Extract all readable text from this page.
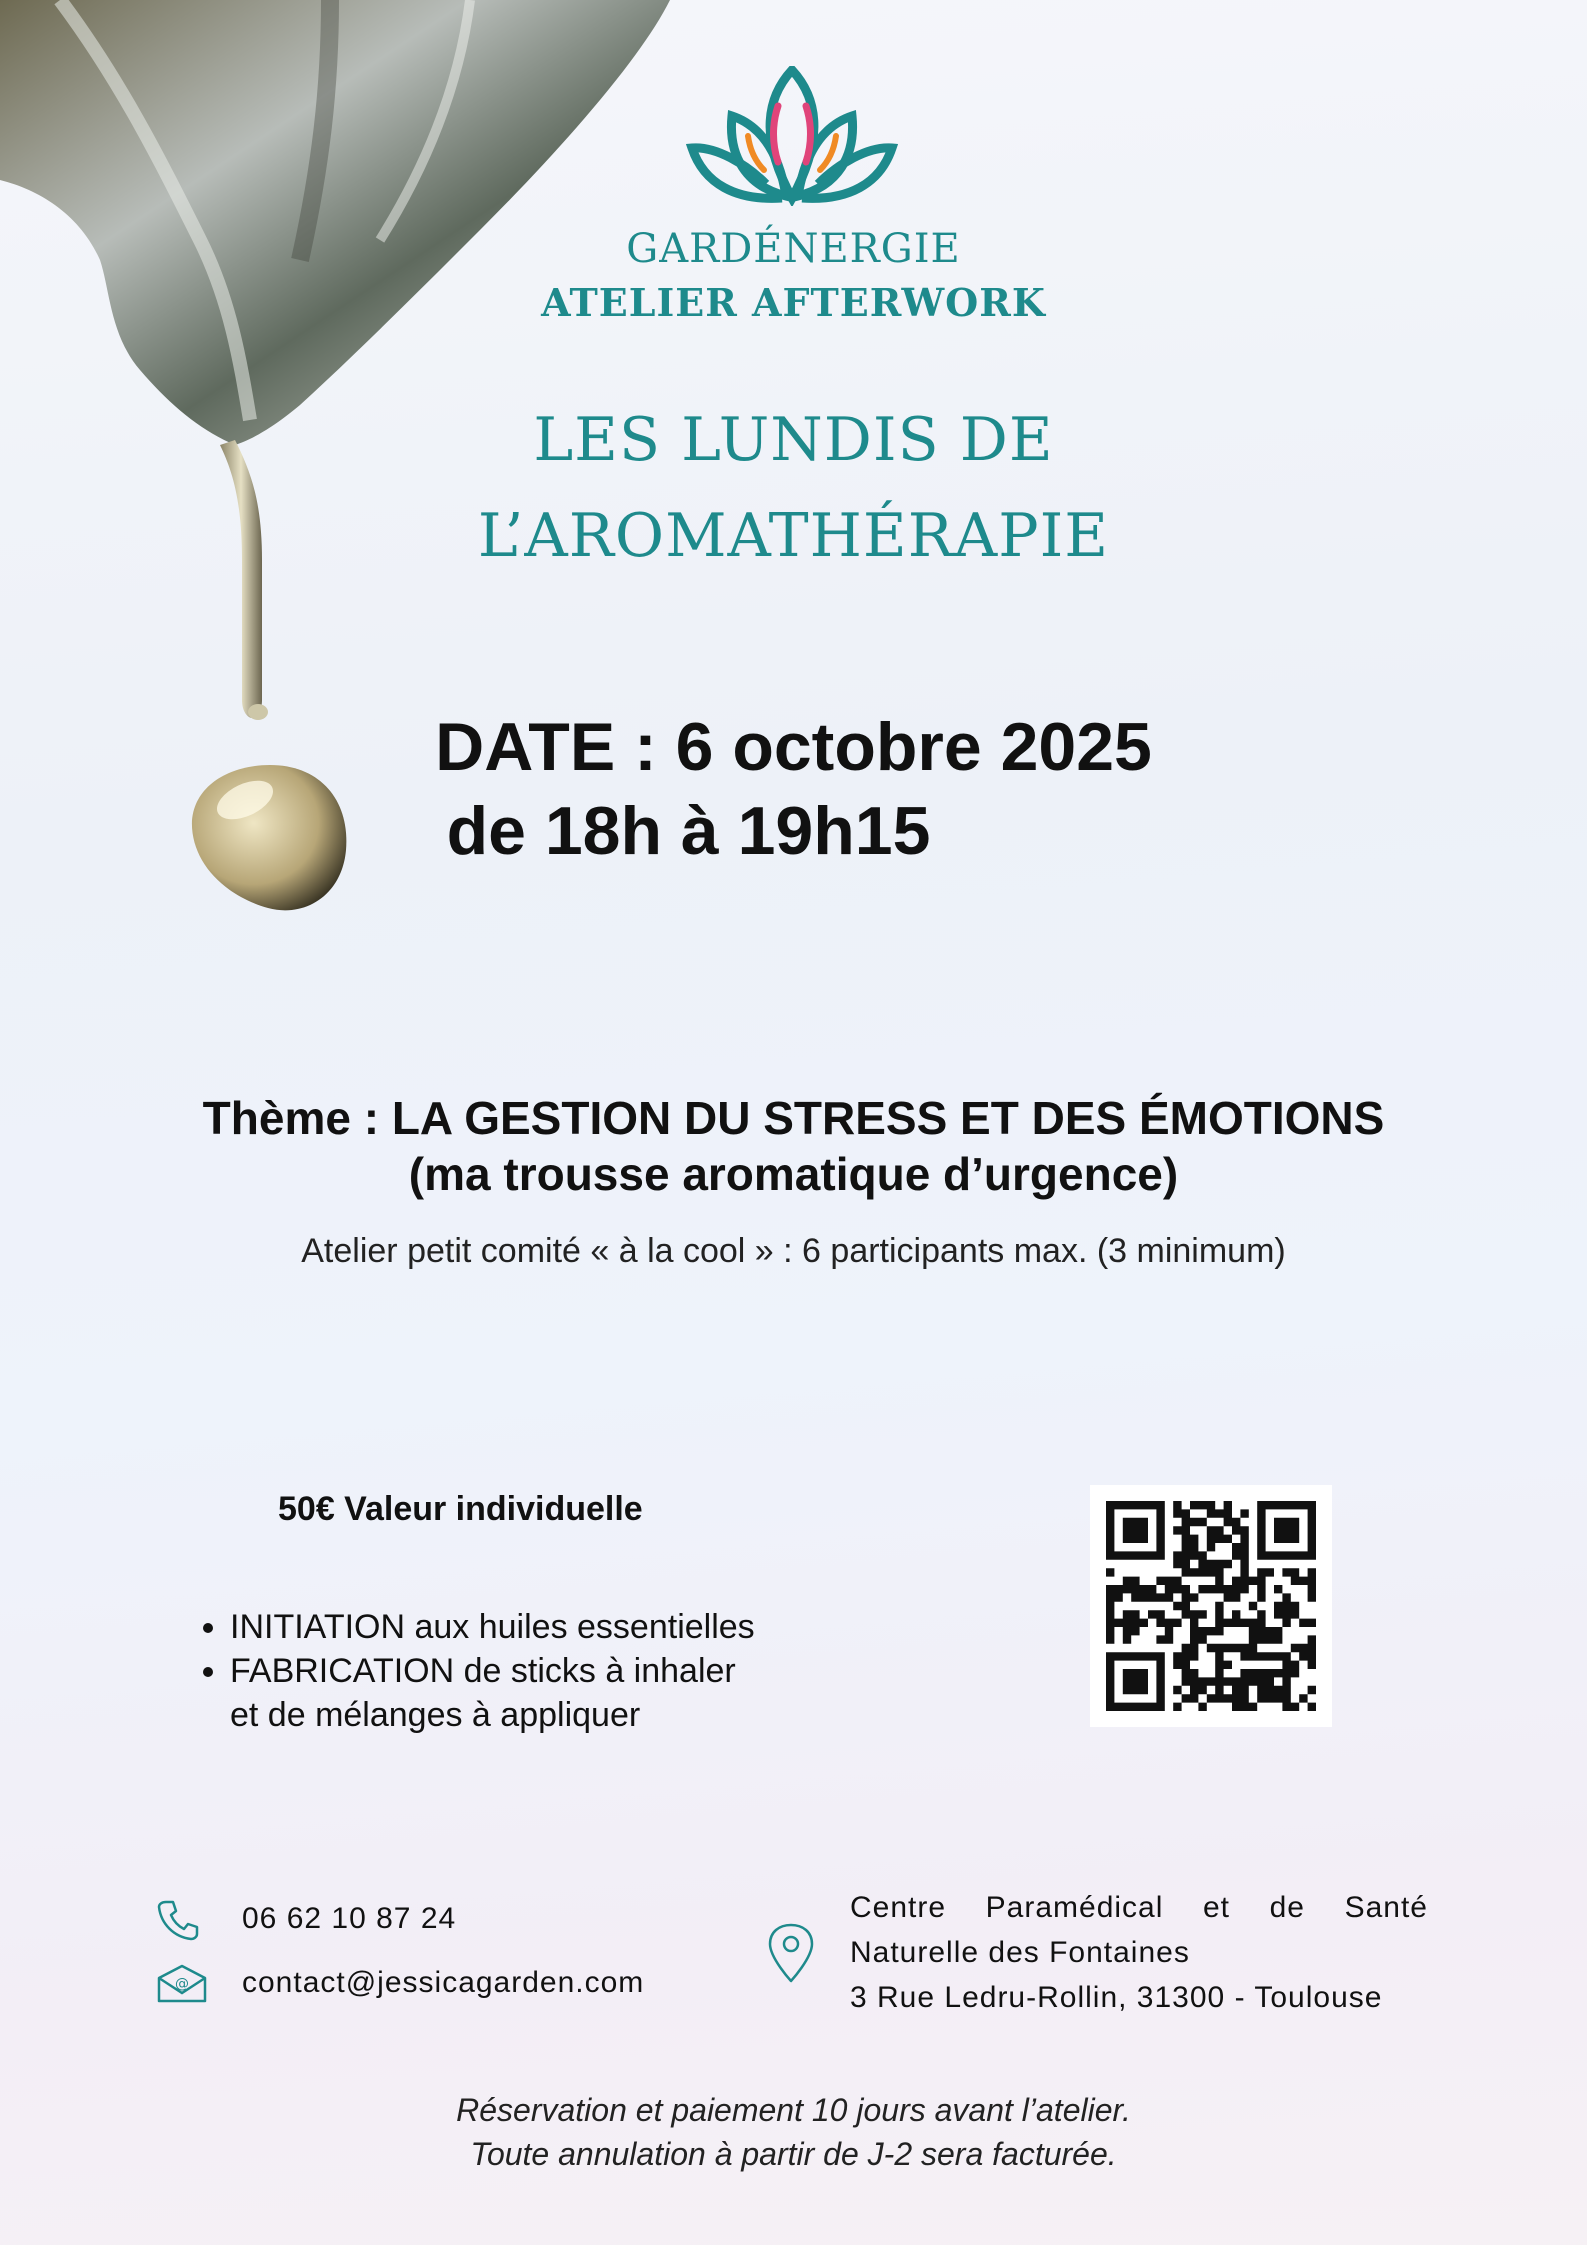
GARDÉNERGIE
ATELIER AFTERWORK
LES LUNDIS DE
L’AROMATHÉRAPIE
DATE : 6 octobre 2025
de 18h à 19h15
Thème : LA GESTION DU STRESS ET DES ÉMOTIONS
(ma trousse aromatique d’urgence)
Atelier petit comité « à la cool » : 6 participants max. (3 minimum)
50€ Valeur individuelle
• INITIATION aux huiles essentielles
• FABRICATION de sticks à inhaler
et de mélanges à appliquer
06 62 10 87 24
@ contact@jessicagarden.com
Centre Paramédical et de Santé
Naturelle des Fontaines
3 Rue Ledru-Rollin, 31300 - Toulouse
Réservation et paiement 10 jours avant l’atelier.
Toute annulation à partir de J-2 sera facturée.
